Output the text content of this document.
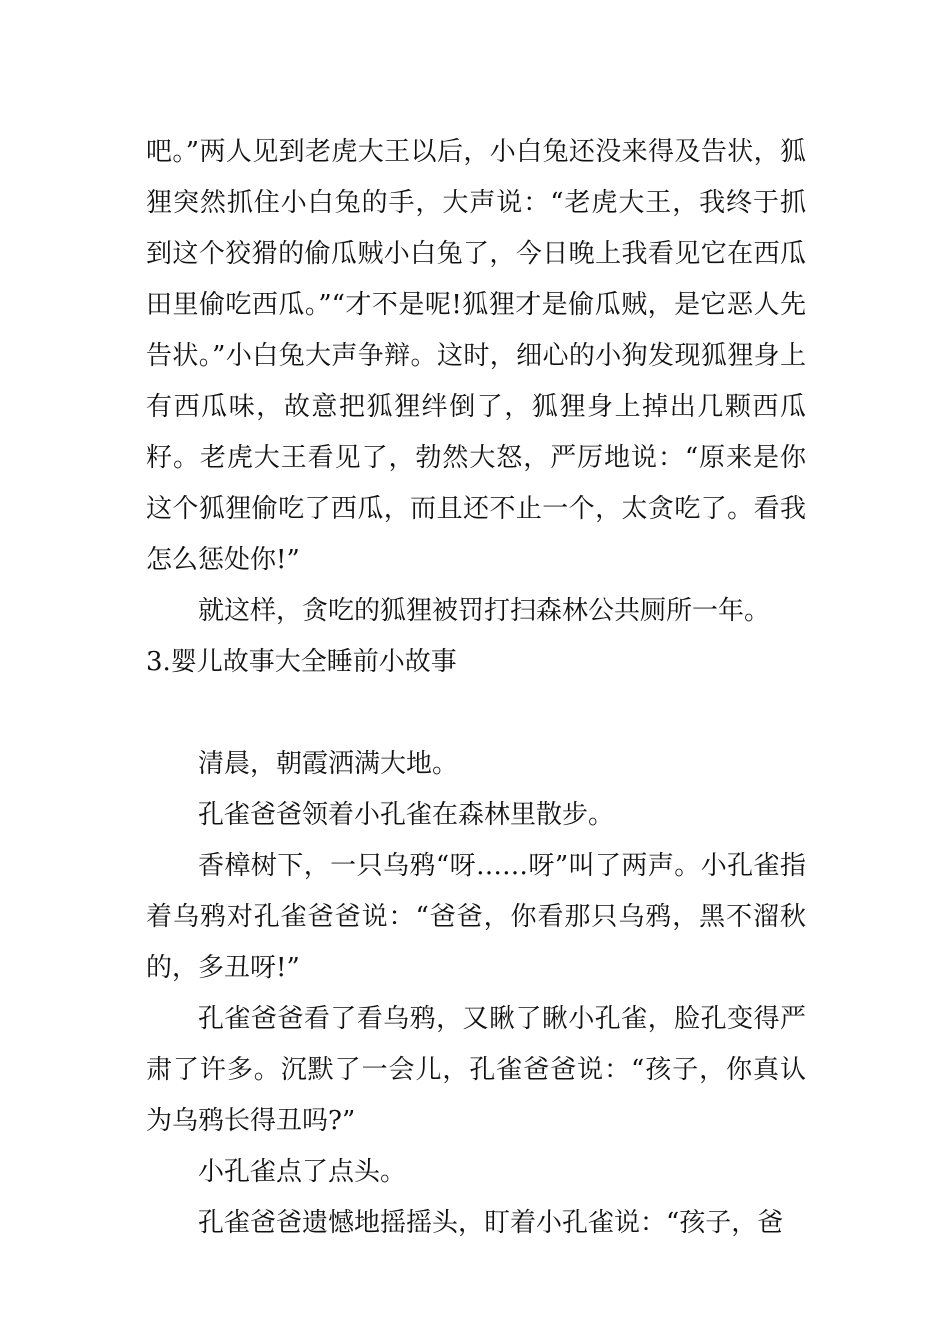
吧。”两人见到老虎大王以后，小白兔还没来得及告状，狐狸突然抓住小白兔的手，大声说：“老虎大王，我终于抓到这个狡猾的偷瓜贼小白兔了，今日晚上我看见它在西瓜田里偷吃西瓜。”“才不是呢!狐狸才是偷瓜贼，是它恶人先告状。”小白兔大声争辩。这时，细心的小狗发现狐狸身上有西瓜味，故意把狐狸绊倒了，狐狸身上掉出几颗西瓜籽。老虎大王看见了，勃然大怒，严厉地说：“原来是你这个狐狸偷吃了西瓜，而且还不止一个，太贪吃了。看我怎么惩处你!”

就这样，贪吃的狐狸被罚打扫森林公共厕所一年。

3.婴儿故事大全睡前小故事

清晨，朝霞洒满大地。

孔雀爸爸领着小孔雀在森林里散步。

香樟树下，一只乌鸦“呀……呀”叫了两声。小孔雀指着乌鸦对孔雀爸爸说：“爸爸，你看那只乌鸦，黑不溜秋的，多丑呀!”

孔雀爸爸看了看乌鸦，又瞅了瞅小孔雀，脸孔变得严肃了许多。沉默了一会儿，孔雀爸爸说：“孩子，你真认为乌鸦长得丑吗?”

小孔雀点了点头。

孔雀爸爸遗憾地摇摇头，盯着小孔雀说：“孩子，爸
